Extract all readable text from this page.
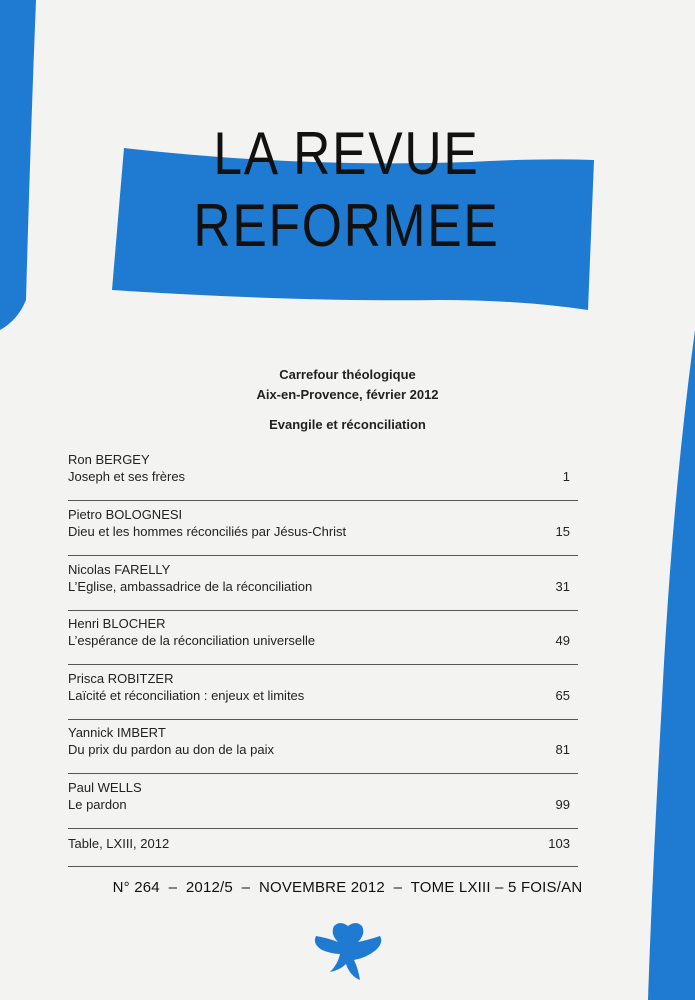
LA REVUE
REFORMEE
Carrefour théologique
Aix-en-Provence, février 2012
Evangile et réconciliation
Ron BERGEY
Joseph et ses frères	1
Pietro BOLOGNESI
Dieu et les hommes réconciliés par Jésus-Christ	15
Nicolas FARELLY
L’Eglise, ambassadrice de la réconciliation	31
Henri BLOCHER
L’espérance de la réconciliation universelle	49
Prisca ROBITZER
Laïcité et réconciliation : enjeux et limites	65
Yannick IMBERT
Du prix du pardon au don de la paix	81
Paul WELLS
Le pardon	99
Table, LXIII, 2012	103
N° 264  –  2012/5  –  NOVEMBRE 2012  –  TOME LXIII – 5 FOIS/AN
